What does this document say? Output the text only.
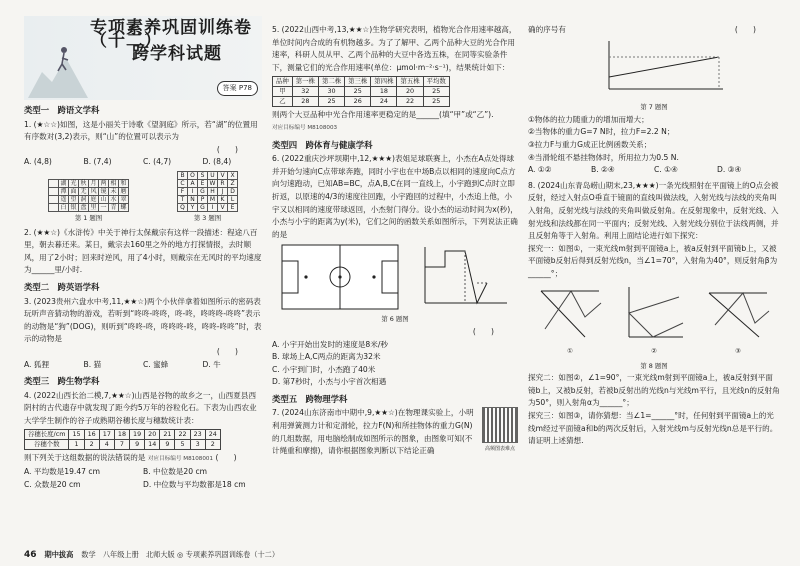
专项素养巩固训练卷（十二）
跨学科试题
答案 P78
类型一　跨语文学科

1. (★☆☆)如图，这是小丽关于诗歌《望洞庭》所示，若“湖”的位置用有序数对(3,2)表示，则“山”的位置可以表示为

(　　)

A. (4,8)	B. (7,4)	C. (4,7)	D. (8,4)
	湖	光	秋	月	两	相	和
	潭	面	无	风	镜	未	磨
	遥	望	洞	庭	山	水	翠
	白	银	盘	里	一	青	螺
第 1 题图
B	O	S	U	V	X
C	A	E	W	R	Z
F	I	G	H	J	D
T	N	P	M	K	L
Q	Y	G	I	V	E
第 3 题图

2. (★★☆)《水浒传》中关于神行太保戴宗有这样一段描述：程途八百里，朝去暮还来。某日，戴宗去160里之外的地方打探情报，去时顺风，用了2小时；回来时逆风，用了4小时，则戴宗在无风时的平均速度为______里/小时.

类型二　跨英语学科

3. (2023贵州六盘水中考,11,★★☆)两个小伙伴拿着如图所示的密码表玩听声音猜动物的游戏，若听到“咚咚-咚咚，咚-咚，咚咚咚-咚咚”表示的动物是“狗”(DOG)，则听到“咚咚-咚，咚咚咚-咚，咚咚-咚咚”时，表示的动物是

(　　)

A. 狐狸	B. 猫	C. 蜜蜂	D. 牛
类型三　跨生物学科

4. (2022山西长治二模,7,★★☆)山西是谷物的故乡之一，山西夏县西阴村的古代遗存中就发现了距今约5万年的谷粒化石。下表为山西农业大学学生制作的谷子成熟期谷穗长度与穗数统计表：

谷穗长度/cm	15	16	17	18	19	20	21	22	23	24
谷穗个数	1	2	4	7	9	14	9	5	3	2

则下列关于这组数据的说法错误的是 对应目标编号 M8108001 (　　)

A. 平均数是19.47 cm	B. 中位数是20 cm
C. 众数是20 cm	D. 中位数与平均数都是18 cm

5. (2022山西中考,13,★★☆)生物学研究表明，植物光合作用速率越高，单位时间内合成的有机物越多。为了了解甲、乙两个品种大豆的光合作用速率，科研人员从甲、乙两个品种的大豆中各选五株，在同等实验条件下，测量它们的光合作用速率(单位：μmol·m⁻²·s⁻¹)，结果统计如下：

品种	第一株	第二株	第三株	第四株	第五株	平均数
甲	32	30	25	18	20	25
乙	28	25	26	24	22	25

则两个大豆品种中光合作用速率更稳定的是______(填“甲”或“乙”).

对应目标编号 M8108003

类型四　跨体育与健康学科

6. (2022重庆沙坪坝期中,12,★★★)表姐足球联赛上，小杰在A点处得球并开始匀速向C点带球奔跑，同时小宇也在中场B点以相同的速度向C点方向匀速跑动，已知AB=BC，点A,B,C在同一直线上，小宇跑到C点时立即折返，以原速的4/3的速度往回跑，小宇跑回的过程中，小杰追上他，小宇又以相同的速度带球返回，小杰射门得分。设小杰的运动时间为x(秒)，小杰与小宇的距离为y(米)，它们之间的函数关系如图所示，下列说法正确的是

第 6 题图

(　　)

A. 小宇开始出发时的速度是8米/秒

B. 球场上A,C两点的距离为32米

C. 小宇到门时，小杰跑了40米

D. 第7秒时，小杰与小宇首次相遇

类型五　跨物理学科

7. (2024山东济南市中期中,9,★★☆)在物理课实验上，小明利用弹簧测力计和定滑轮，拉力F(N)和所挂物体的重力G(N)的几组数据，用电脑绘制成如图所示的图象，由图象可知(不计绳重和摩擦)，请你根据图象判断以下结论正确	高频图表难点

确的序号有	(　　)

第 7 题图

①物体的拉力随重力的增加而增大；

②当物体的重力G=7 N时，拉力F=2.2 N；

③拉力F与重力G成正比例函数关系；

④当滑轮组不悬挂物体时，所用拉力为0.5 N.

A. ①②	B. ②④	C. ①④	D. ③④

8. (2024山东青岛崂山期末,23,★★★)一条光线照射在平面镜上的O点会被反射，经过入射点O垂直于镜面的直线叫做法线，入射光线与法线的夹角叫入射角，反射光线与法线的夹角叫做反射角。在反射现象中，反射光线、入射光线和法线都在同一平面内；反射光线、入射光线分别位于法线两侧，并且反射角等于入射角。利用上面结论进行如下探究：

探究一：如图①，一束光线m射到平面镜a上，被a反射到平面镜b上，又被平面镜b反射后得到反射光线n，当∠1=70°，入射角为40°，则反射角β为______°；

①	②	③
第 8 题图

探究二：如图②，∠1=90°，一束光线m射到平面镜a上，被a反射到平面镜b上，又被b反射，若被b反射出的光线n与光线m平行，且光线n的反射角为50°，则入射角α为______°；

探究三：如图③，请你猜想：当∠1=______°时，任何射到平面镜a上的光线m经过平面镜a和b的两次反射后，入射光线m与反射光线n总是平行的。请证明上述猜想.

46 期中拔高 数学　八年级上册　北师大版 ◎ 专项素养巩固训练卷（十二）
